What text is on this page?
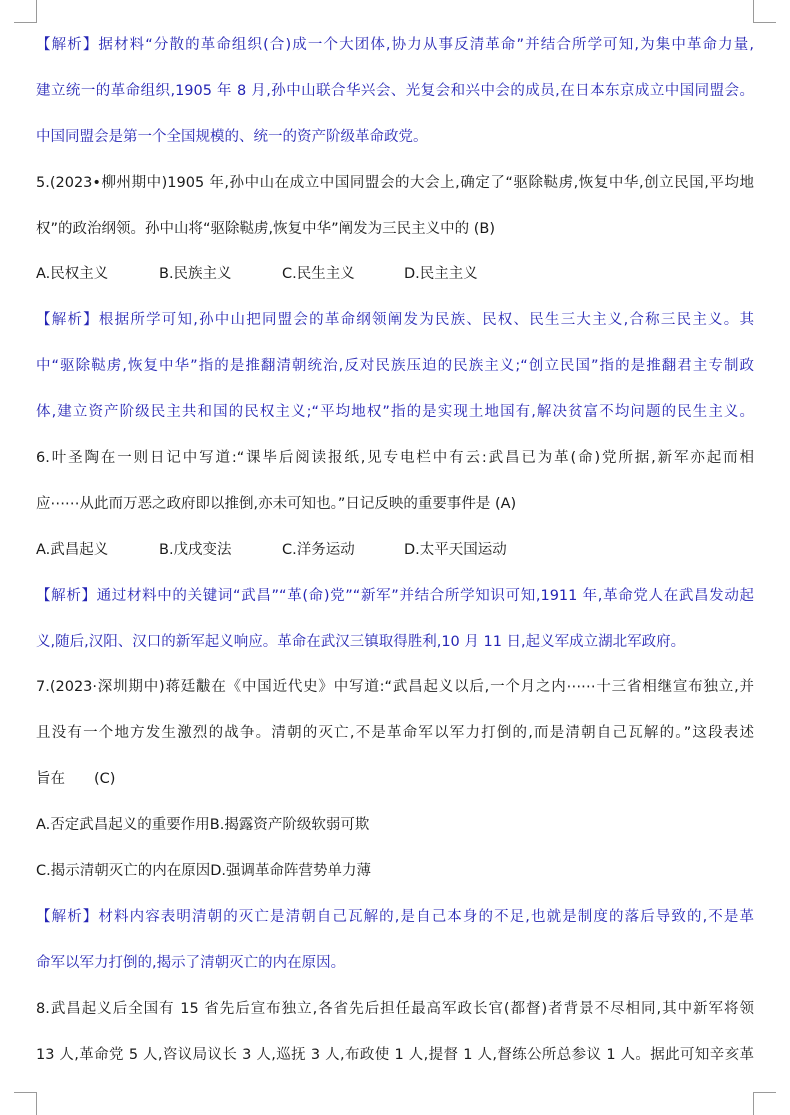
【解析】据材料“分散的革命组织(合)成一个大团体,协力从事反清革命”并结合所学可知,为集中革命力量,
建立统一的革命组织,1905 年 8 月,孙中山联合华兴会、光复会和兴中会的成员,在日本东京成立中国同盟会。
中国同盟会是第一个全国规模的、统一的资产阶级革命政党。
5.(2023•柳州期中)1905 年,孙中山在成立中国同盟会的大会上,确定了“驱除鞑虏,恢复中华,创立民国,平均地
权”的政治纲领。孙中山将“驱除鞑虏,恢复中华”阐发为三民主义中的 (B)
A.民权主义	B.民族主义	C.民生主义	D.民主主义
【解析】根据所学可知,孙中山把同盟会的革命纲领阐发为民族、民权、民生三大主义,合称三民主义。其
中“驱除鞑虏,恢复中华”指的是推翻清朝统治,反对民族压迫的民族主义;“创立民国”指的是推翻君主专制政
体,建立资产阶级民主共和国的民权主义;“平均地权”指的是实现土地国有,解决贫富不均问题的民生主义。
6.叶圣陶在一则日记中写道:“课毕后阅读报纸,见专电栏中有云:武昌已为革(命)党所据,新军亦起而相
应⋯⋯从此而万恶之政府即以推倒,亦未可知也。”日记反映的重要事件是 (A)
A.武昌起义	B.戊戌变法	C.洋务运动	D.太平天国运动
【解析】通过材料中的关键词“武昌”“革(命)党”“新军”并结合所学知识可知,1911 年,革命党人在武昌发动起
义,随后,汉阳、汉口的新军起义响应。革命在武汉三镇取得胜利,10 月 11 日,起义军成立湖北军政府。
7.(2023·深圳期中)蒋廷黻在《中国近代史》中写道:“武昌起义以后,一个月之内⋯⋯十三省相继宣布独立,并
且没有一个地方发生激烈的战争。清朝的灭亡,不是革命军以军力打倒的,而是清朝自己瓦解的。”这段表述
旨在　　(C)
A.否定武昌起义的重要作用B.揭露资产阶级软弱可欺
C.揭示清朝灭亡的内在原因D.强调革命阵营势单力薄
【解析】材料内容表明清朝的灭亡是清朝自己瓦解的,是自己本身的不足,也就是制度的落后导致的,不是革
命军以军力打倒的,揭示了清朝灭亡的内在原因。
8.武昌起义后全国有 15 省先后宣布独立,各省先后担任最高军政长官(都督)者背景不尽相同,其中新军将领
13 人,革命党 5 人,咨议局议长 3 人,巡抚 3 人,布政使 1 人,提督 1 人,督练公所总参议 1 人。据此可知辛亥革
